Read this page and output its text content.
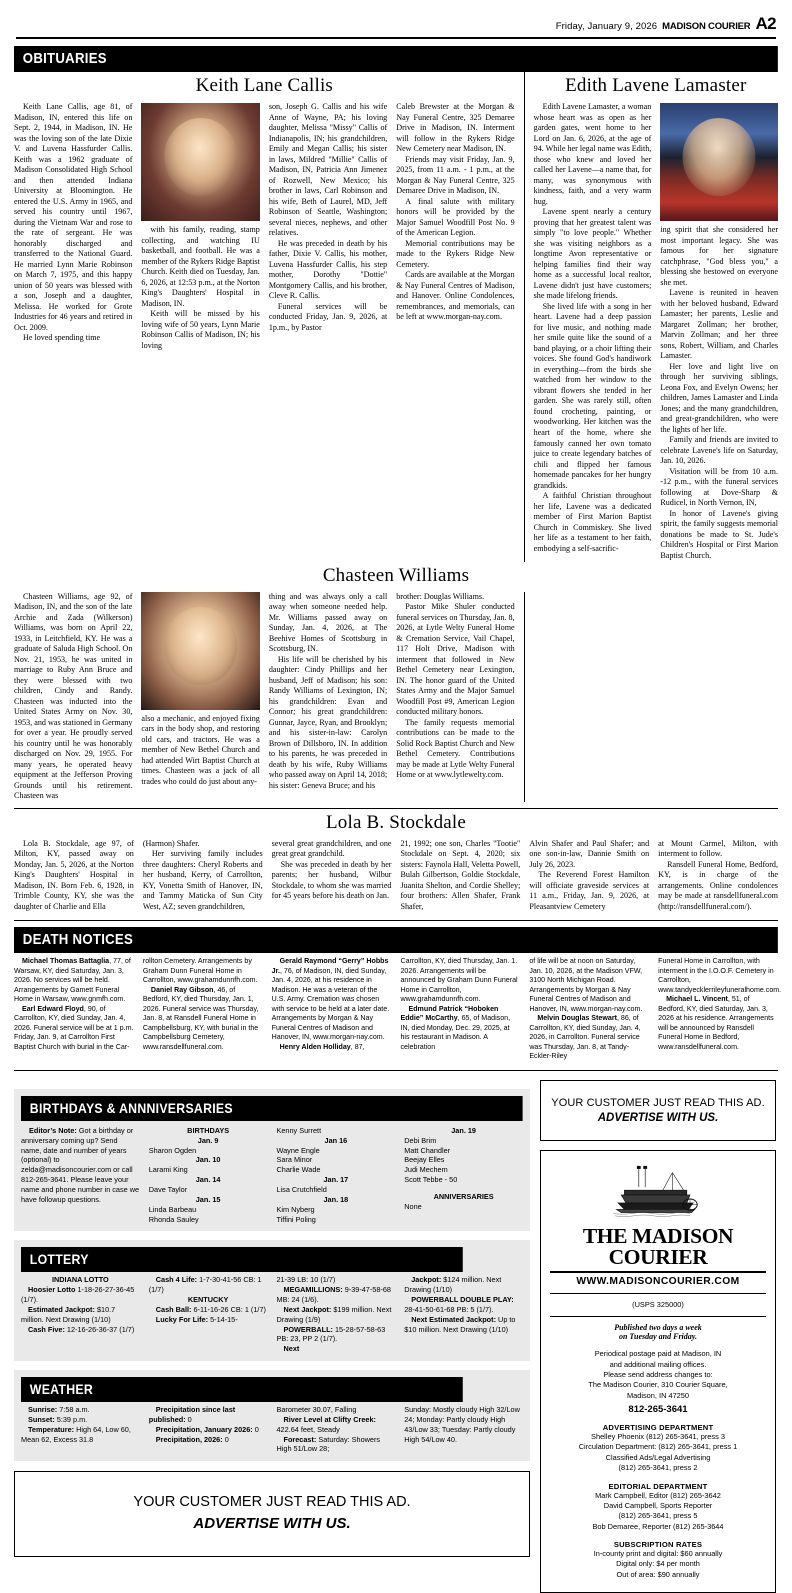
Friday, January 9, 2026 MADISON COURIER A2
OBITUARIES
Keith Lane Callis

Keith Lane Callis, age 81, of Madison, IN, entered this life on Sept. 2, 1944, in Madison, IN. He was the loving son of the late Dixie V. and Luvena Hassfurder Callis. Keith was a 1962 graduate of Madison Consolidated High School and then attended Indiana University at Bloomington. He entered the U.S. Army in 1965, and served his country until 1967, during the Vietnam War and rose to the rate of sergeant. He was honorably discharged and transferred to the National Guard. He married Lynn Marie Robinson on March 7, 1975, and this happy union of 50 years was blessed with a son, Joseph and a daughter, Melissa. He worked for Grote Industries for 46 years and retired in Oct. 2009.

He loved spending time

with his family, reading, stamp collecting, and watching IU basketball, and football. He was a member of the Rykers Ridge Baptist Church. Keith died on Tuesday, Jan. 6, 2026, at 12:53 p.m., at the Norton King's Daughters' Hospital in Madison, IN.

Keith will be missed by his loving wife of 50 years, Lynn Marie Robinson Callis of Madison, IN; his loving

son, Joseph G. Callis and his wife Anne of Wayne, PA; his loving daughter, Melissa "Missy" Callis of Indianapolis, IN; his grandchildren, Emily and Megan Callis; his sister in laws, Mildred "Millie" Callis of Madison, IN, Patricia Ann Jimenez of Rozwell, New Mexico; his brother in laws, Carl Robinson and his wife, Beth of Laurel, MD, Jeff Robinson of Seattle, Washington; several nieces, nephews, and other relatives.

He was preceded in death by his father, Dixie V. Callis, his mother, Luvena Hassfurder Callis, his step mother, Dorothy "Dottie" Montgomery Callis, and his brother, Cleve R. Callis.

Funeral services will be conducted Friday, Jan. 9, 2026, at 1p.m., by Pastor

Caleb Brewster at the Morgan & Nay Funeral Centre, 325 Demaree Drive in Madison, IN. Interment will follow in the Rykers Ridge New Cemetery near Madison, IN.

Friends may visit Friday, Jan. 9, 2025, from 11 a.m. - 1 p.m., at the Morgan & Nay Funeral Centre, 325 Demaree Drive in Madison, IN.

A final salute with military honors will be provided by the Major Samuel Woodfill Post No. 9 of the American Legion.

Memorial contributions may be made to the Rykers Ridge New Cemetery.

Cards are available at the Morgan & Nay Funeral Centres of Madison, and Hanover. Online Condolences, remembrances, and memorials, can be left at www.morgan-nay.com.

Edith Lavene Lamaster

Edith Lavene Lamaster, a woman whose heart was as open as her garden gates, went home to her Lord on Jan. 6, 2026, at the age of 94. While her legal name was Edith, those who knew and loved her called her Lavene—a name that, for many, was synonymous with kindness, faith, and a very warm hug.

Lavene spent nearly a century proving that her greatest talent was simply "to love people." Whether she was visiting neighbors as a longtime Avon representative or helping families find their way home as a successful local realtor, Lavene didn't just have customers; she made lifelong friends.

She lived life with a song in her heart. Lavene had a deep passion for live music, and nothing made her smile quite like the sound of a band playing, or a choir lifting their voices. She found God's handiwork in everything—from the birds she watched from her window to the vibrant flowers she tended in her garden. She was rarely still, often found crocheting, painting, or woodworking. Her kitchen was the heart of the home, where she famously canned her own tomato juice to create legendary batches of chili and flipped her famous homemade pancakes for her hungry grandkids.

A faithful Christian throughout her life, Lavene was a dedicated member of First Marion Baptist Church in Commiskey. She lived her life as a testament to her faith, embodying a self-sacrific-

ing spirit that she considered her most important legacy. She was famous for her signature catchphrase, "God bless you," a blessing she bestowed on everyone she met.

Lavene is reunited in heaven with her beloved husband, Edward Lamaster; her parents, Leslie and Margaret Zollman; her brother, Marvin Zollman; and her three sons, Robert, William, and Charles Lamaster.

Her love and light live on through her surviving siblings, Leona Fox, and Evelyn Owens; her children, James Lamaster and Linda Jones; and the many grandchildren, and great-grandchildren, who were the lights of her life.

Family and friends are invited to celebrate Lavene's life on Saturday, Jan. 10, 2026.

Visitation will be from 10 a.m. -12 p.m., with the funeral services following at Dove-Sharp & Rudicel, in North Vernon, IN,

In honor of Lavene's giving spirit, the family suggests memorial donations be made to St. Jude's Children's Hospital or First Marion Baptist Church.

Chasteen Williams

Chasteen Williams, age 92, of Madison, IN, and the son of the late Archie and Zada (Wilkerson) Williams, was born on April 22, 1933, in Leitchfield, KY. He was a graduate of Saluda High School. On Nov. 21, 1953, he was united in marriage to Ruby Ann Bruce and they were blessed with two children, Cindy and Randy. Chasteen was inducted into the United States Army on Nov. 30, 1953, and was stationed in Germany for over a year. He proudly served his country until he was honorably discharged on Nov. 29, 1955. For many years, he operated heavy equipment at the Jefferson Proving Grounds until his retirement. Chasteen was

also a mechanic, and enjoyed fixing cars in the body shop, and restoring old cars, and tractors. He was a member of New Bethel Church and had attended Wirt Baptist Church at times. Chasteen was a jack of all trades who could do just about any-

thing and was always only a call away when someone needed help. Mr. Williams passed away on Sunday, Jan. 4, 2026, at The Beehive Homes of Scottsburg in Scottsburg, IN.

His life will be cherished by his daughter: Cindy Phillips and her husband, Jeff of Madison; his son: Randy Williams of Lexington, IN; his grandchildren: Evan and Connor; his great grandchildren: Gunnar, Jayce, Ryan, and Brooklyn; and his sister-in-law: Carolyn Brown of Dillsboro, IN. In addition to his parents, he was preceded in death by his wife, Ruby Williams who passed away on April 14, 2018; his sister: Geneva Bruce; and his

brother: Douglas Williams.

Pastor Mike Shuler conducted funeral services on Thursday, Jan. 8, 2026, at Lytle Welty Funeral Home & Cremation Service, Vail Chapel, 117 Holt Drive, Madison with interment that followed in New Bethel Cemetery near Lexington, IN. The honor guard of the United States Army and the Major Samuel Woodfill Post #9, American Legion conducted military honors.

The family requests memorial contributions can be made to the Solid Rock Baptist Church and New Bethel Cemetery. Contributions may be made at Lytle Welty Funeral Home or at www.lytlewelty.com.

Lola B. Stockdale

Lola B. Stockdale, age 97, of Milton, KY, passed away on Monday, Jan. 5, 2026, at the Norton King's Daughters' Hospital in Madison, IN. Born Feb. 6, 1928, in Trimble County, KY, she was the daughter of Charlie and Ella

(Harmon) Shafer.

Her surviving family includes three daughters: Cheryl Roberts and her husband, Kerry, of Carrollton, KY, Vonetta Smith of Hanover, IN, and Tammy Maticka of Sun City West, AZ; seven grandchildren,

several great grandchildren, and one great great grandchild.

She was preceded in death by her parents; her husband, Wilbur Stockdale, to whom she was married for 45 years before his death on Jan.

21, 1992; one son, Charles "Tootie" Stockdale on Sept. 4, 2020; six sisters: Faynola Hall, Veletta Powell, Bulah Gilbertson, Goldie Stockdale, Juanita Shelton, and Cordie Shelley; four brothers: Allen Shafer, Frank Shafer,

Alvin Shafer and Paul Shafer; and one son-in-law, Dannie Smith on July 26, 2023.

The Reverend Forest Hamilton will officiate graveside services at 11 a.m., Friday, Jan. 9, 2026, at Pleasantview Cemetery

at Mount Carmel, Milton, with interment to follow.

Ransdell Funeral Home, Bedford, KY, is in charge of the arrangements. Online condolences may be made at ransdellfuneral.com (http://ransdellfuneral.com/).

DEATH NOTICES

Michael Thomas Battaglia, 77, of Warsaw, KY, died Saturday, Jan. 3, 2026. No services will be held. Arrangements by Gamett Funeral Home in Warsaw, www.gnmfh.com.

Earl Edward Floyd, 90, of Carrollton, KY, died Sunday, Jan. 4, 2026. Funeral service will be at 1 p.m. Friday, Jan. 9, at Carrollton First Baptist Church with burial in the Car-

rollton Cemetery. Arrangements by Graham Dunn Funeral Home in Carrollton, www.grahamdunnfh.com.

Daniel Ray Gibson, 46, of Bedford, KY, died Thursday, Jan. 1, 2026. Funeral service was Thursday, Jan. 8, at Ransdell Funeral Home in Campbellsburg, KY, with burial in the Campbellsburg Cemetery, www.ransdellfuneral.com.

Gerald Raymond “Gerry” Hobbs Jr., 76, of Madison, IN, died Sunday, Jan. 4, 2026, at his residence in Madison. He was a veteran of the U.S. Army. Cremation was chosen with service to be held at a later date. Arrangements by Morgan & Nay Funeral Centres of Madison and Hanover, IN, www.morgan-nay.com.

Henry Alden Holliday, 87,

Carrollton, KY, died Thursday, Jan. 1. 2026. Arrangements will be announced by Graham Dunn Funeral Home in Carrollton, www.grahamdunnfh.com.

Edmund Patrick “Hoboken Eddie” McCarthy, 65, of Madison, IN, died Monday, Dec. 29, 2025, at his restaurant in Madison. A celebration

of life will be at noon on Saturday, Jan. 10, 2026, at the Madison VFW, 3100 North Michigan Road. Arrangements by Morgan & Nay Funeral Centres of Madison and Hanover, IN, www.morgan-nay.com.

Melvin Douglas Stewart, 86, of Carrollton, KY, died Sunday, Jan. 4, 2026, in Carrollton. Funeral service was Thursday, Jan. 8, at Tandy-Eckler-Riley

Funeral Home in Carrollton, with interment in the I.O.O.F. Cemetery in Carrollton, www.tandyecklerrileyfuneralhome.com.

Michael L. Vincent, 51, of Bedford, KY, died Saturday, Jan. 3, 2026 at his residence. Arrangements will be announced by Ransdell Funeral Home in Bedford, www.ransdellfuneral.com.

BIRTHDAYS & ANNNIVERSARIES

Editor’s Note: Got a birthday or anniversary coming up? Send name, date and number of years (optional) to zelda@madisoncourier.com or call 812-265-3641. Please leave your name and phone number in case we have followup questions.

BIRTHDAYS
Jan. 9
Sharon Ogden
Jan. 10
Larami King
Jan. 14
Dave Taylor
Jan. 15
Linda Barbeau
Rhonda Sauley
Kenny Surrett
Jan 16
Wayne Engle
Sara Minor
Charlie Wade
Jan. 17
Lisa Crutchfield
Jan. 18
Kim Nyberg
Tiffini Poling
Jan. 19
Debi Brim
Matt Chandler
Beejay Elles
Judi Mechem
Scott Tebbe - 50
ANNIVERSARIES
None
LOTTERY

INDIANA LOTTO

Hoosier Lotto 1-18-26-27-36-45 (1/7).

Estimated Jackpot: $10.7 million. Next Drawing (1/10)

Cash Five: 12-16-26-36-37 (1/7)

Cash 4 Life: 1-7-30-41-56 CB: 1 (1/7)

KENTUCKY

Cash Ball: 6-11-16-26 CB: 1 (1/7)

Lucky For Life: 5-14-15-

21-39 LB: 10 (1/7)

MEGAMILLIONS: 9-39-47-58-68 MB: 24 (1/6).

Next Jackpot: $199 million. Next Drawing (1/9)

POWERBALL: 15-28-57-58-63 PB: 23, PP 2 (1/7).

Next

Jackpot: $124 million. Next Drawing (1/10)

POWERBALL DOUBLE PLAY: 28-41-50-61-68 PB: 5 (1/7).

Next Estimated Jackpot: Up to $10 million. Next Drawing (1/10)

WEATHER

Sunrise: 7:58 a.m.

Sunset: 5:39 p.m.

Temperature: High 64, Low 60, Mean 62, Excess 31.8

Precipitation since last published: 0

Precipitation, January 2026: 0

Precipitation, 2026: 0

Barometer 30.07, Falling

River Level at Clifty Creek: 422.64 feet, Steady

Forecast: Saturday: Showers High 51/Low 28;

Sunday: Mostly cloudy High 32/Low 24; Monday: Partly cloudy High 43/Low 33; Tuesday: Partly cloudy High 54/Low 40.

YOUR CUSTOMER JUST READ THIS AD.
ADVERTISE WITH US.
YOUR CUSTOMER JUST READ THIS AD.
ADVERTISE WITH US.
THE MADISON COURIER
WWW.MADISONCOURIER.COM
(USPS 325000)
Published two days a week
on Tuesday and Friday.
Periodical postage paid at Madison, IN
and additional mailing offices.
Please send address changes to:
The Madison Courier, 310 Courier Square,
Madison, IN 47250
812-265-3641
ADVERTISING DEPARTMENT
Shelley Phoenix (812) 265-3641, press 3
Circulation Department: (812) 265-3641, press 1
Classified Ads/Legal Advertising
(812) 265-3641, press 2
EDITORIAL DEPARTMENT
Mark Campbell, Editor (812) 265-3642
David Campbell, Sports Reporter
(812) 265-3641, press 5
Bob Demaree, Reporter (812) 265-3644
SUBSCRIPTION RATES
In-county print and digital: $60 annually
Digital only: $4 per month
Out of area: $90 annually
